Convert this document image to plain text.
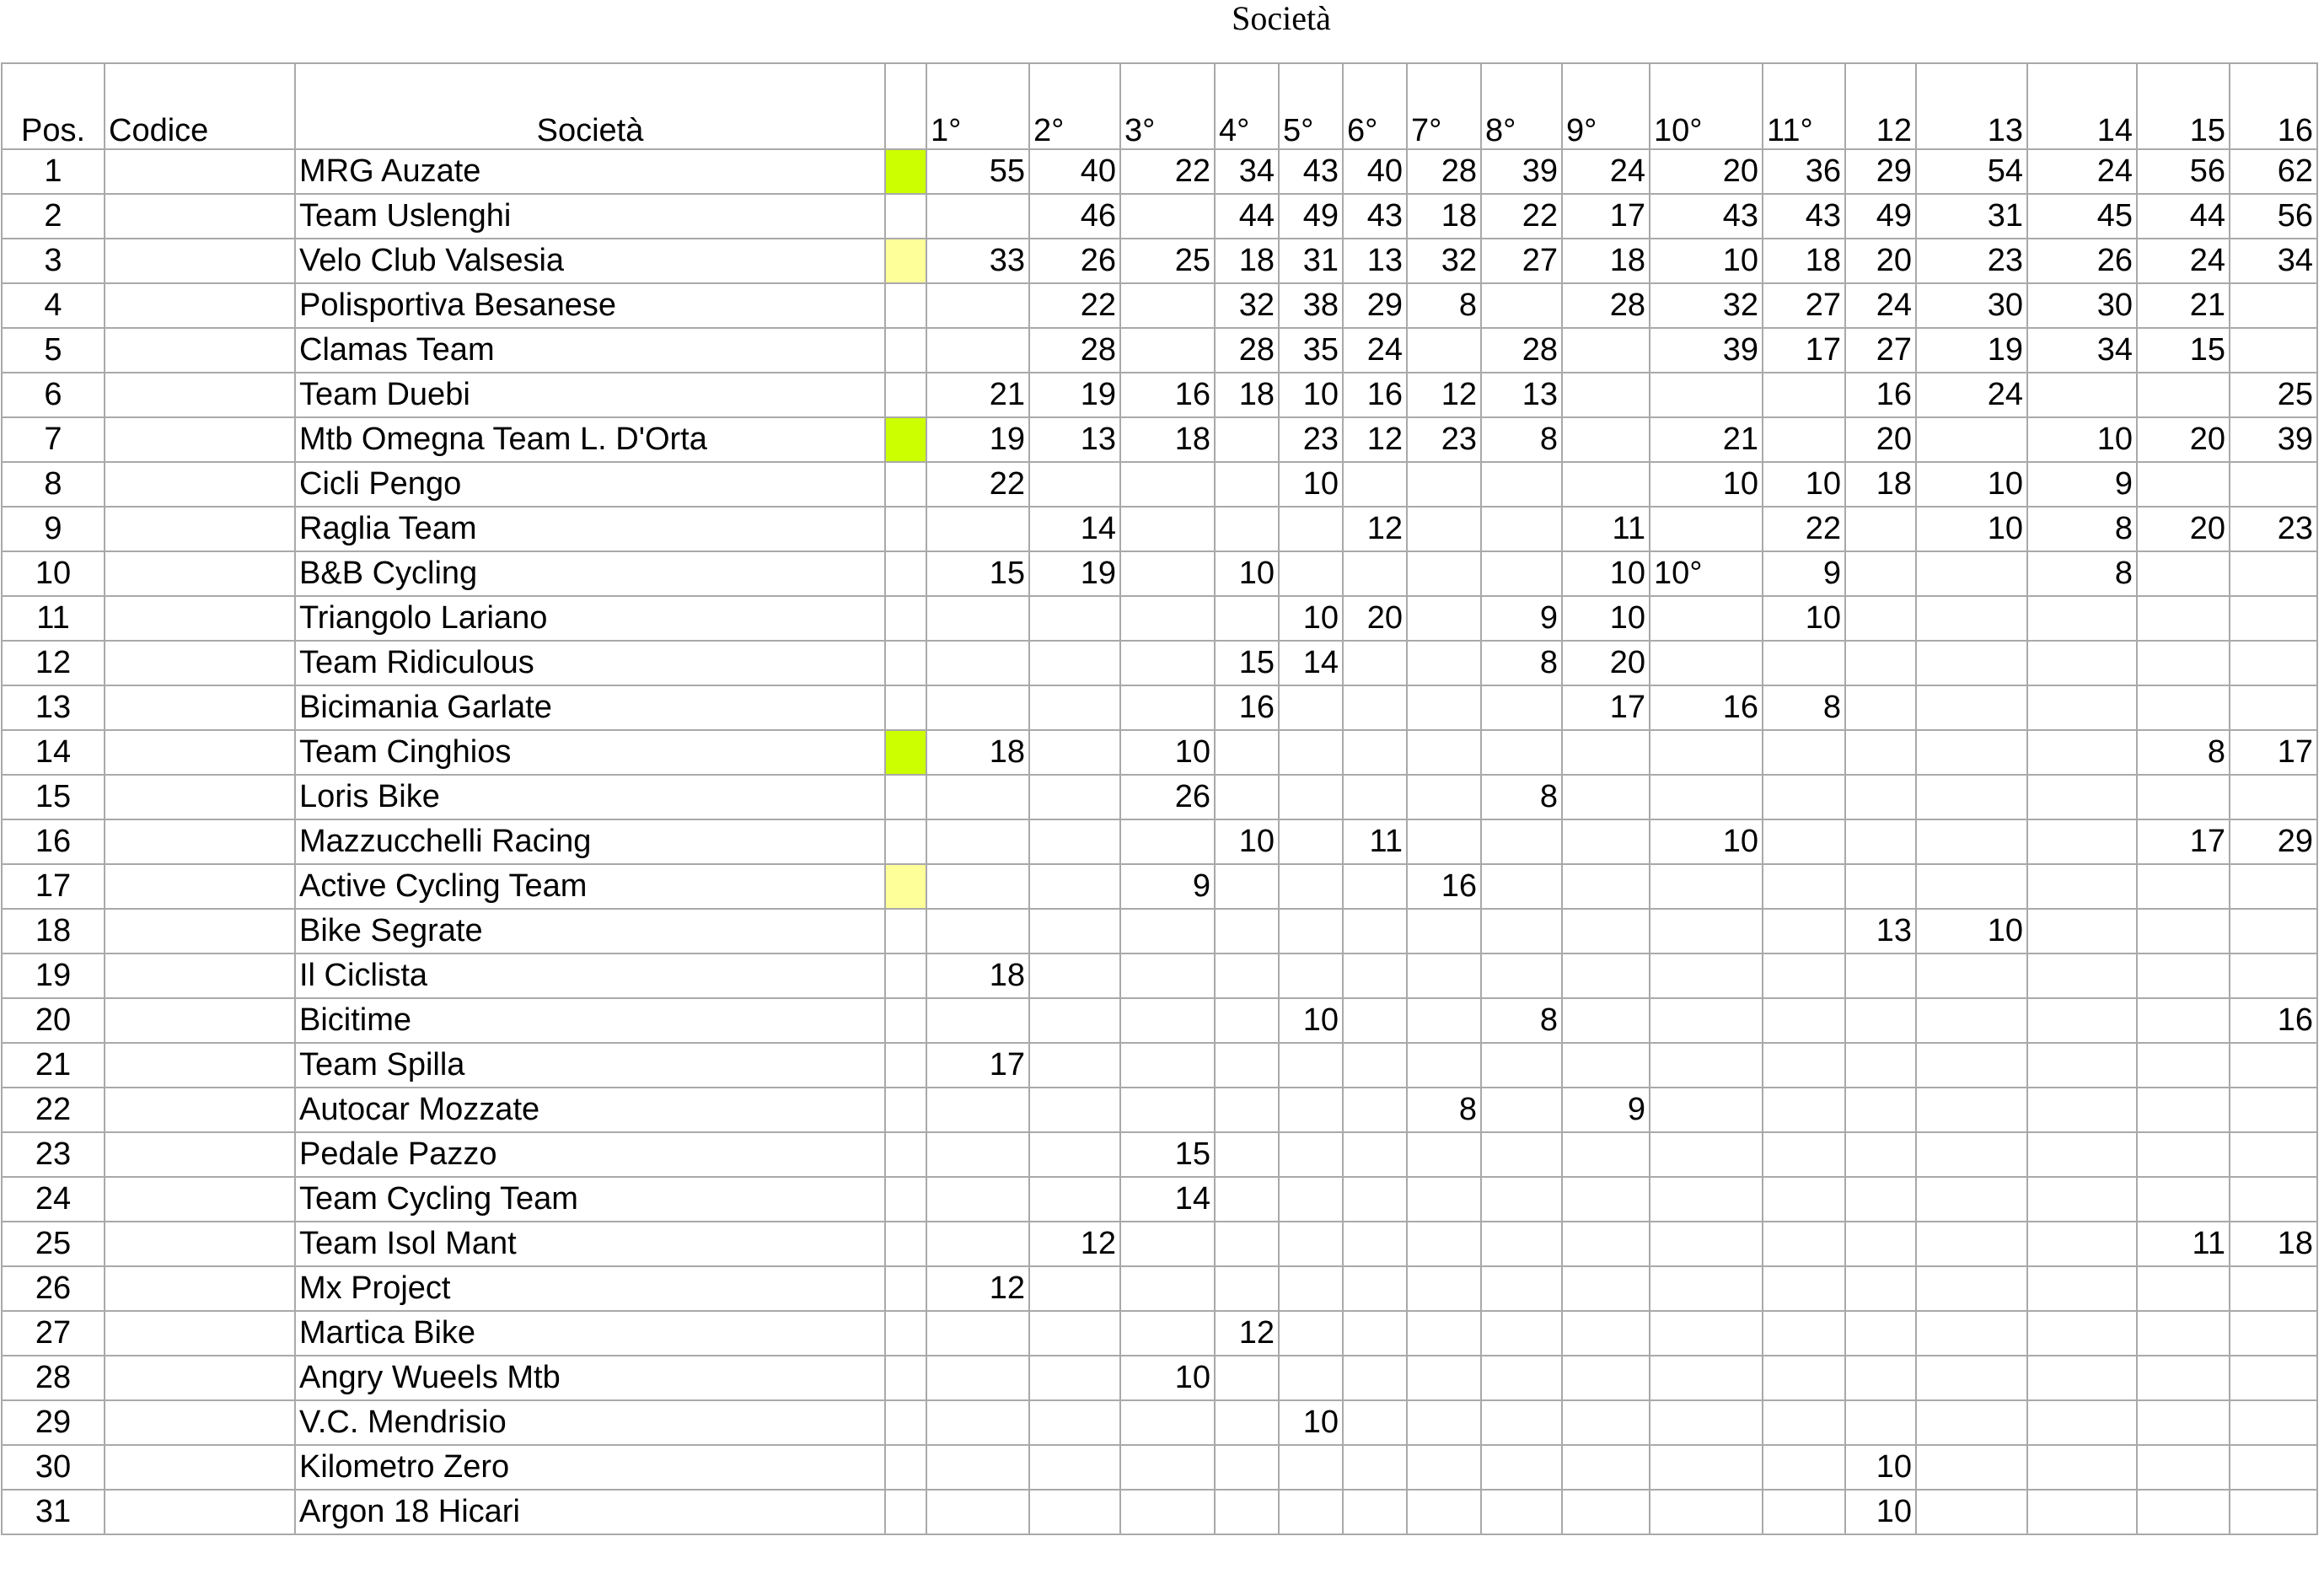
Società
Pos.	Codice	Società		1°	2°	3°	4°	5°	6°	7°	8°	9°	10°	11°	12	13	14	15	16
1		MRG Auzate		55	40	22	34	43	40	28	39	24	20	36	29	54	24	56	62
2		Team Uslenghi			46		44	49	43	18	22	17	43	43	49	31	45	44	56
3		Velo Club Valsesia		33	26	25	18	31	13	32	27	18	10	18	20	23	26	24	34
4		Polisportiva Besanese			22		32	38	29	8		28	32	27	24	30	30	21	
5		Clamas Team			28		28	35	24		28		39	17	27	19	34	15	
6		Team Duebi		21	19	16	18	10	16	12	13				16	24			25
7		Mtb Omegna Team L. D'Orta		19	13	18		23	12	23	8		21		20		10	20	39
8		Cicli Pengo		22				10					10	10	18	10	9		
9		Raglia Team			14				12			11		22		10	8	20	23
10		B&B Cycling		15	19		10					10	10°	9			8		
11		Triangolo Lariano						10	20		9	10		10					
12		Team Ridiculous					15	14			8	20							
13		Bicimania Garlate					16					17	16	8					
14		Team Cinghios		18		10												8	17
15		Loris Bike				26					8								
16		Mazzucchelli Racing					10		11				10					17	29
17		Active Cycling Team				9				16									
18		Bike Segrate													13	10			
19		Il Ciclista		18															
20		Bicitime						10			8								16
21		Team Spilla		17															
22		Autocar Mozzate								8		9							
23		Pedale Pazzo				15													
24		Team Cycling Team				14													
25		Team Isol Mant			12													11	18
26		Mx Project		12															
27		Martica Bike					12												
28		Angry Wueels Mtb				10													
29		V.C. Mendrisio						10											
30		Kilometro Zero													10				
31		Argon 18 Hicari													10				
